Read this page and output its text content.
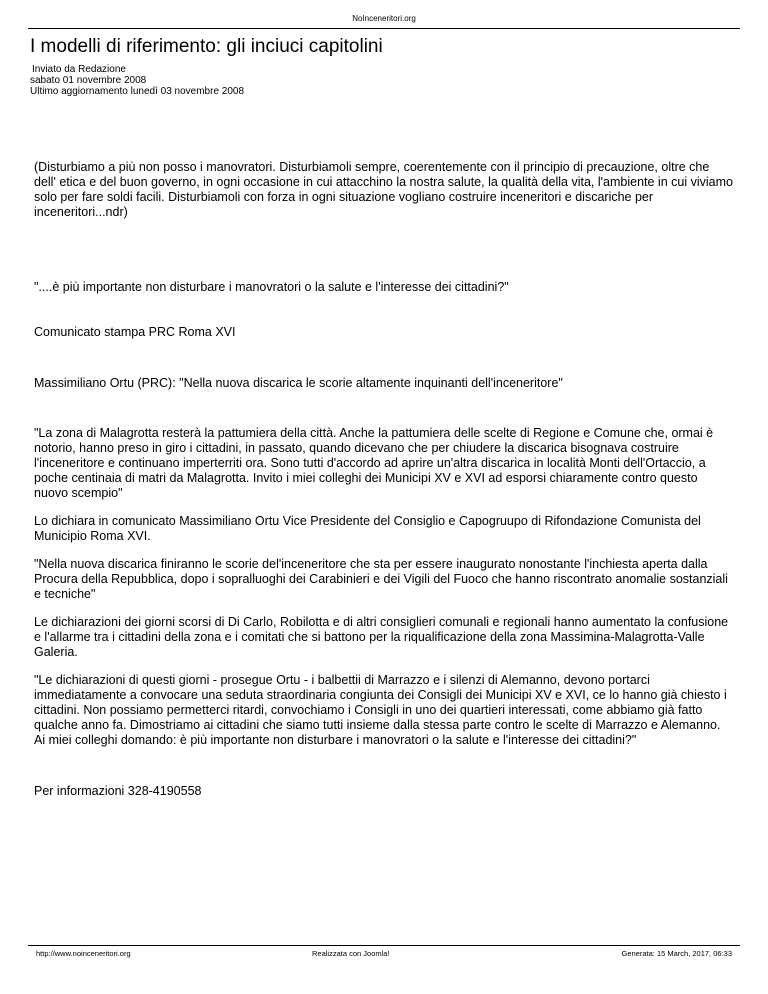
NoInceneritori.org
I modelli di riferimento: gli inciuci capitolini
Inviato da Redazione
sabato 01 novembre 2008
Ultimo aggiornamento lunedì 03 novembre 2008

(Disturbiamo a più non posso i manovratori. Disturbiamoli sempre, coerentemente con il principio di precauzione, oltre che dell' etica e del buon governo, in ogni occasione in cui attacchino la nostra salute, la qualità della vita, l'ambiente in cui viviamo solo per fare soldi facili. Disturbiamoli con forza in ogni situazione vogliano costruire inceneritori e discariche per inceneritori...ndr)

"....è più importante non disturbare i manovratori o la salute e l'interesse dei cittadini?"

Comunicato stampa PRC Roma XVI

Massimiliano Ortu (PRC): "Nella nuova discarica le scorie altamente inquinanti dell'inceneritore"

"La zona di Malagrotta resterà la pattumiera della città. Anche la pattumiera delle scelte di Regione e Comune che, ormai è notorio, hanno preso in giro i cittadini, in passato, quando dicevano che per chiudere la discarica bisognava costruire l'inceneritore e continuano imperterriti ora. Sono tutti d'accordo ad aprire un'altra discarica in località Monti dell'Ortaccio, a poche centinaia di matri da Malagrotta. Invito i miei colleghi dei Municipi XV e XVI ad esporsi chiaramente contro questo nuovo scempio"

Lo dichiara in comunicato Massimiliano Ortu Vice Presidente del Consiglio e Capogruupo di Rifondazione Comunista del Municipio Roma XVI.

"Nella nuova discarica finiranno le scorie del'inceneritore che sta per essere inaugurato nonostante l'inchiesta aperta dalla Procura della Repubblica, dopo i sopralluoghi dei Carabinieri e dei Vigili del Fuoco che hanno riscontrato anomalie sostanziali e tecniche"

Le dichiarazioni dei giorni scorsi di Di Carlo, Robilotta e di altri consiglieri comunali e regionali hanno aumentato la confusione e l'allarme tra i cittadini della zona e i comitati che si battono per la riqualificazione della zona Massimina-Malagrotta-Valle Galeria.

"Le dichiarazioni di questi giorni - prosegue Ortu - i balbettii di Marrazzo e i silenzi di Alemanno, devono portarci immediatamente a convocare una seduta straordinaria congiunta dei Consigli dei Municipi XV e XVI, ce lo hanno già chiesto i cittadini. Non possiamo permetterci ritardi, convochiamo i Consigli in uno dei quartieri interessati, come abbiamo già fatto qualche anno fa. Dimostriamo ai cittadini che siamo tutti insieme dalla stessa parte contro le scelte di Marrazzo e Alemanno. Ai miei colleghi domando: è più importante non disturbare i manovratori o la salute e l'interesse dei cittadini?"

Per informazioni 328-4190558

http://www.noinceneritori.org	Realizzata con Joomla!	Generata: 15 March, 2017, 06:33
